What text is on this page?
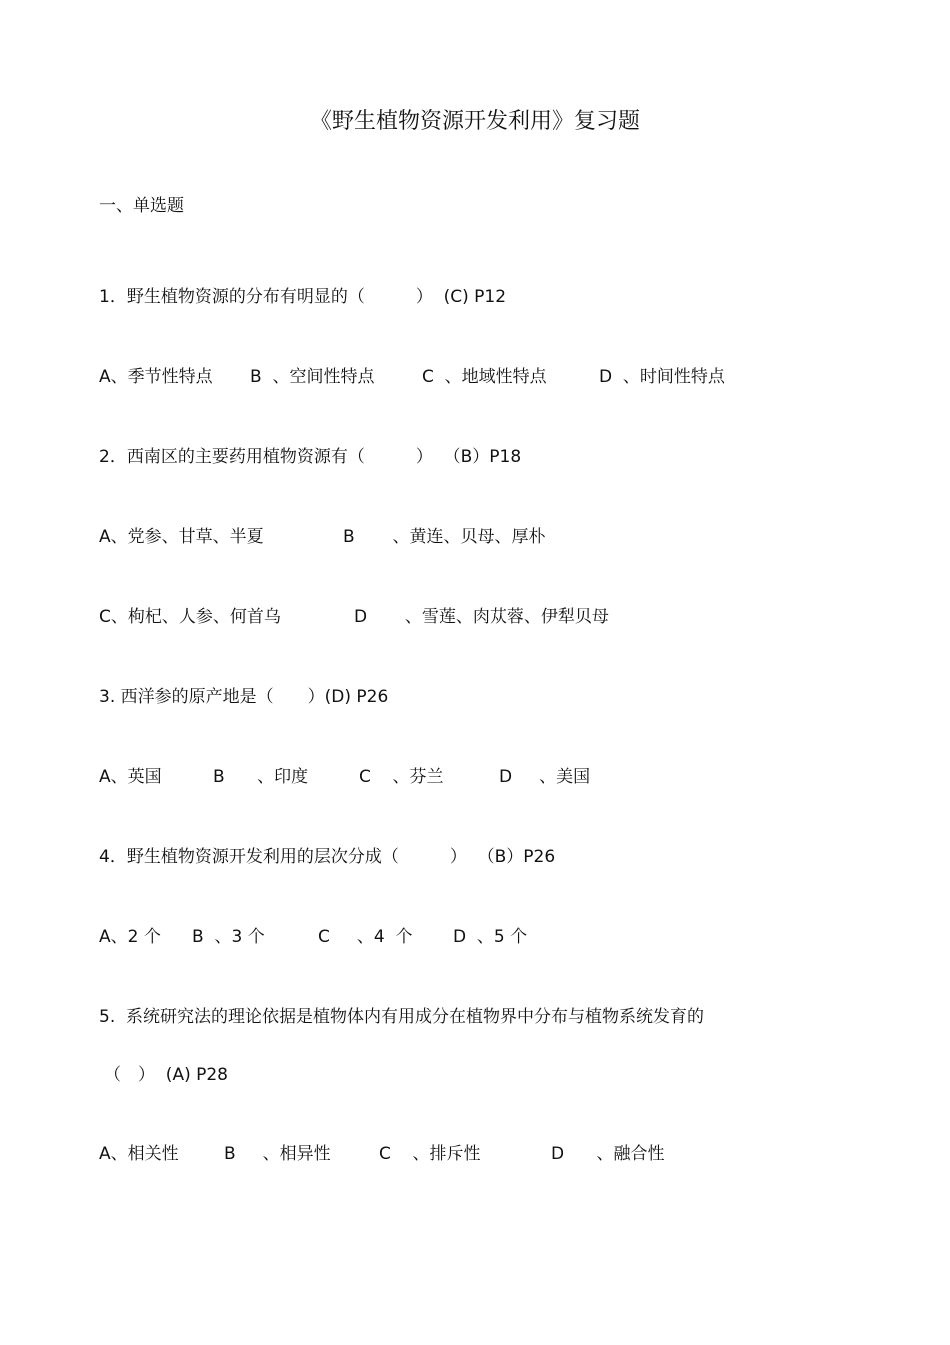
《野生植物资源开发利用》复习题
一、单选题
1．野生植物资源的分布有明显的（　　　）  (C) P12
A、季节性特点 B  、空间性特点	C  、地域性特点	D  、时间性特点
2．西南区的主要药用植物资源有（　　　）  （B）P18
A、党参、甘草、半夏	B       、黄连、贝母、厚朴
C、枸杞、人参、何首乌	D       、雪莲、肉苁蓉、伊犁贝母
3. 西洋参的原产地是（　　）(D) P26
A、英国	B      、印度	C    、芬兰	D     、美国
4．野生植物资源开发利用的层次分成（　　　）  （B）P26
A、2 个 B  、3 个	C     、4  个 D  、5 个
5.  系统研究法的理论依据是植物体内有用成分在植物界中分布与植物系统发育的
（　）  (A) P28
A、相关性	B     、相异性	C    、排斥性	D      、融合性
